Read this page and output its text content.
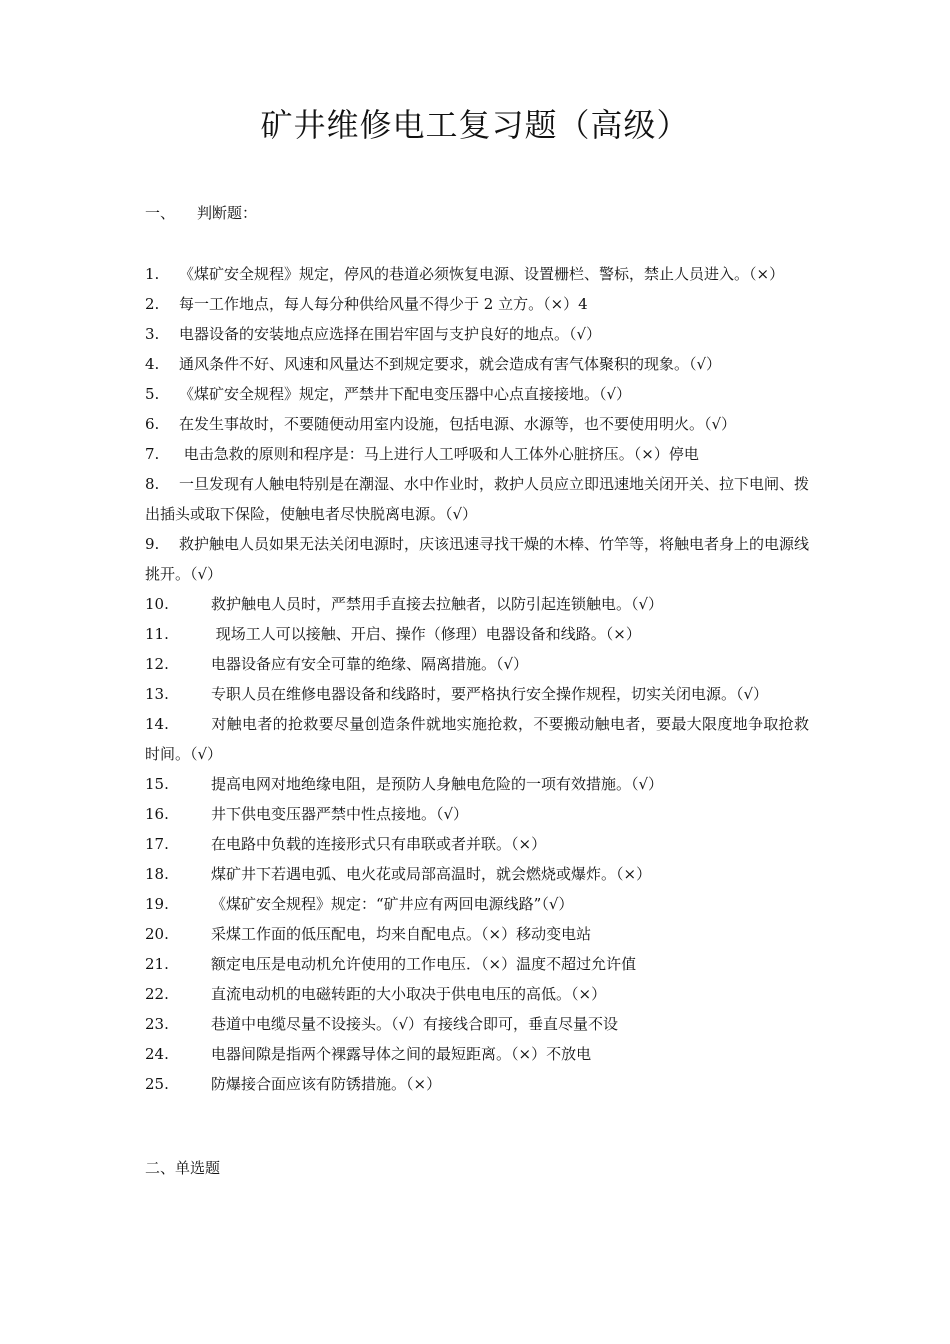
矿井维修电工复习题（高级）
一、 判断题：
1. 《煤矿安全规程》规定，停风的巷道必须恢复电源、设置栅栏、警标，禁止人员进入。（×）
2. 每一工作地点，每人每分种供给风量不得少于 2 立方。（×）4
3. 电器设备的安装地点应选择在围岩牢固与支护良好的地点。（√）
4. 通风条件不好、风速和风量达不到规定要求，就会造成有害气体聚积的现象。（√）
5. 《煤矿安全规程》规定，严禁井下配电变压器中心点直接接地。（√）
6. 在发生事故时，不要随便动用室内设施，包括电源、水源等，也不要使用明火。（√）
7. 电击急救的原则和程序是：马上进行人工呼吸和人工体外心脏挤压。（×）停电
8. 一旦发现有人触电特别是在潮湿、水中作业时，救护人员应立即迅速地关闭开关、拉下电闸、拨出插头或取下保险，使触电者尽快脱离电源。（√）
9. 救护触电人员如果无法关闭电源时，庆该迅速寻找干燥的木棒、竹竿等，将触电者身上的电源线挑开。（√）
10.	救护触电人员时，严禁用手直接去拉触者，以防引起连锁触电。（√）
11.	现场工人可以接触、开启、操作（修理）电器设备和线路。（×）
12.	电器设备应有安全可靠的绝缘、隔离措施。（√）
13.	专职人员在维修电器设备和线路时，要严格执行安全操作规程，切实关闭电源。（√）
14.	对触电者的抢救要尽量创造条件就地实施抢救，不要搬动触电者，要最大限度地争取抢救时间。（√）
15.	提高电网对地绝缘电阻，是预防人身触电危险的一项有效措施。（√）
16.	井下供电变压器严禁中性点接地。（√）
17.	在电路中负载的连接形式只有串联或者并联。（×）
18.	煤矿井下若遇电弧、电火花或局部高温时，就会燃烧或爆炸。（×）
19.	《煤矿安全规程》规定：“矿井应有两回电源线路”（√）
20.	采煤工作面的低压配电，均来自配电点。（×）移动变电站
21.	额定电压是电动机允许使用的工作电压．（×）温度不超过允许值
22.	直流电动机的电磁转距的大小取决于供电电压的高低。（×）
23.	巷道中电缆尽量不设接头。（√）有接线合即可，垂直尽量不设
24.	电器间隙是指两个裸露导体之间的最短距离。（×）不放电
25.	防爆接合面应该有防锈措施。（×）
二、单选题
